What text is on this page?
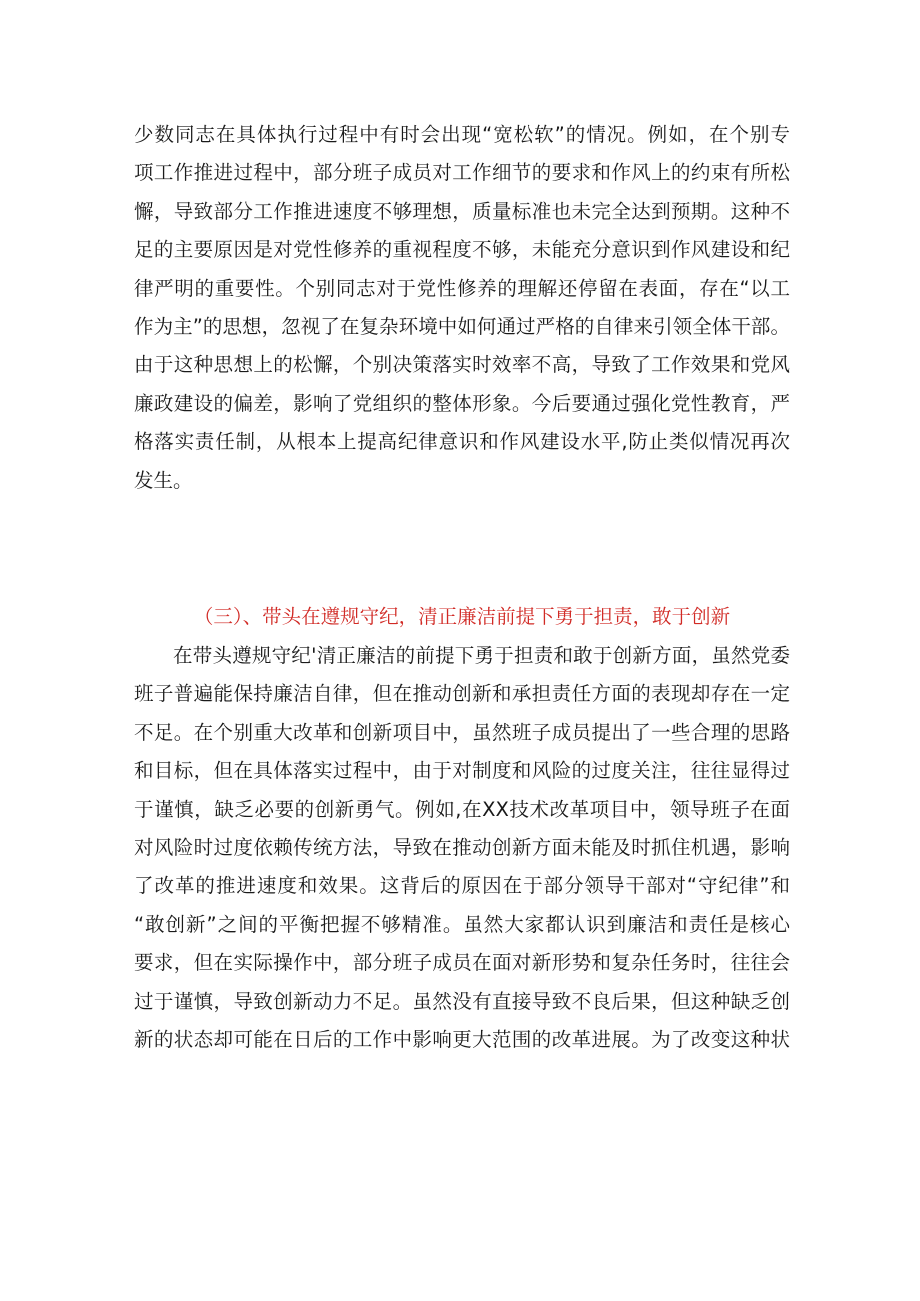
少数同志在具体执行过程中有时会出现“宽松软”的情况。例如，在个别专
项工作推进过程中，部分班子成员对工作细节的要求和作风上的约束有所松
懈，导致部分工作推进速度不够理想，质量标准也未完全达到预期。这种不
足的主要原因是对党性修养的重视程度不够，未能充分意识到作风建设和纪
律严明的重要性。个别同志对于党性修养的理解还停留在表面，存在“以工
作为主”的思想，忽视了在复杂环境中如何通过严格的自律来引领全体干部。
由于这种思想上的松懈，个别决策落实时效率不高，导致了工作效果和党风
廉政建设的偏差，影响了党组织的整体形象。今后要通过强化党性教育，严
格落实责任制，从根本上提高纪律意识和作风建设水平,防止类似情况再次
发生。
（三）、带头在遵规守纪，清正廉洁前提下勇于担责，敢于创新
在带头遵规守纪'清正廉洁的前提下勇于担责和敢于创新方面，虽然党委
班子普遍能保持廉洁自律，但在推动创新和承担责任方面的表现却存在一定
不足。在个别重大改革和创新项目中，虽然班子成员提出了一些合理的思路
和目标，但在具体落实过程中，由于对制度和风险的过度关注，往往显得过
于谨慎，缺乏必要的创新勇气。例如,在XX技术改革项目中，领导班子在面
对风险时过度依赖传统方法，导致在推动创新方面未能及时抓住机遇，影响
了改革的推进速度和效果。这背后的原因在于部分领导干部对“守纪律”和
“敢创新”之间的平衡把握不够精准。虽然大家都认识到廉洁和责任是核心
要求，但在实际操作中，部分班子成员在面对新形势和复杂任务时，往往会
过于谨慎，导致创新动力不足。虽然没有直接导致不良后果，但这种缺乏创
新的状态却可能在日后的工作中影响更大范围的改革进展。为了改变这种状
